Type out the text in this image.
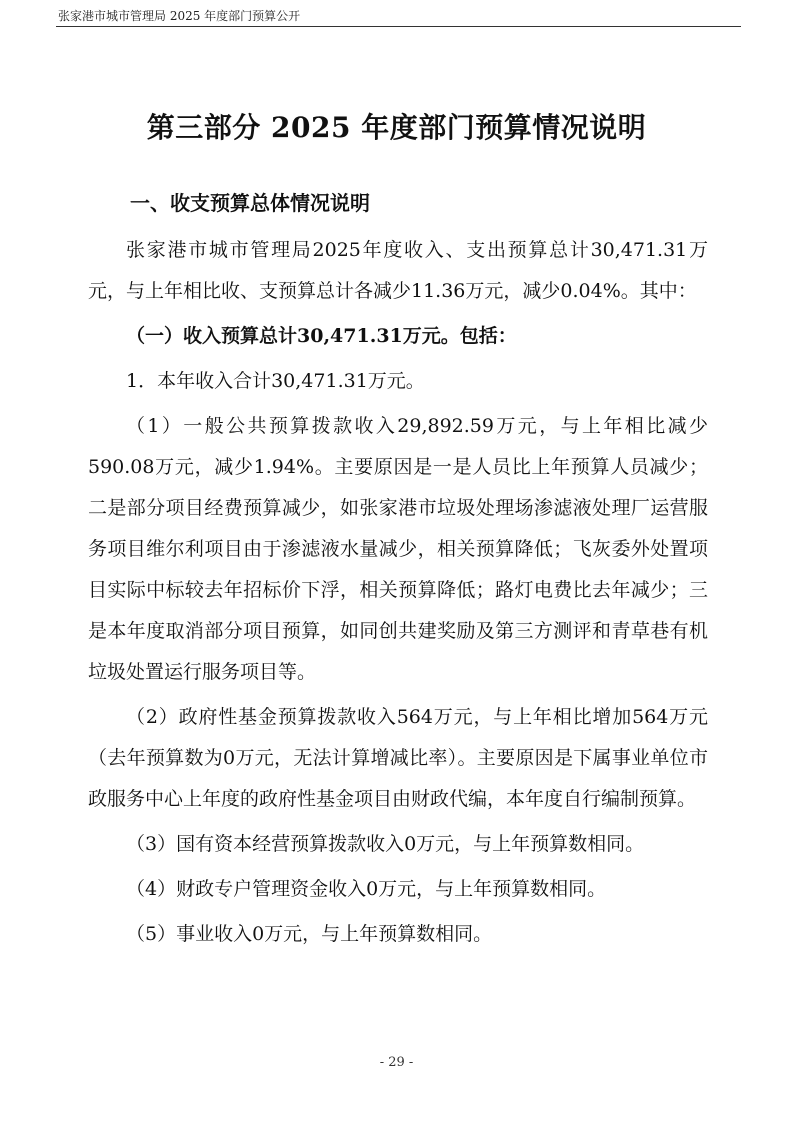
张家港市城市管理局 2025 年度部门预算公开
第三部分 2025 年度部门预算情况说明
一、收支预算总体情况说明

张家港市城市管理局2025年度收入、支出预算总计30,471.31万元，与上年相比收、支预算总计各减少11.36万元，减少0.04%。其中：

（一）收入预算总计30,471.31万元。包括：

1．本年收入合计30,471.31万元。

（1）一般公共预算拨款收入29,892.59万元，与上年相比减少590.08万元，减少1.94%。主要原因是一是人员比上年预算人员减少；二是部分项目经费预算减少，如张家港市垃圾处理场渗滤液处理厂运营服务项目维尔利项目由于渗滤液水量减少，相关预算降低；飞灰委外处置项目实际中标较去年招标价下浮，相关预算降低；路灯电费比去年减少；三是本年度取消部分项目预算，如同创共建奖励及第三方测评和青草巷有机垃圾处置运行服务项目等。

（2）政府性基金预算拨款收入564万元，与上年相比增加564万元（去年预算数为0万元，无法计算增减比率）。主要原因是下属事业单位市政服务中心上年度的政府性基金项目由财政代编，本年度自行编制预算。

（3）国有资本经营预算拨款收入0万元，与上年预算数相同。

（4）财政专户管理资金收入0万元，与上年预算数相同。

（5）事业收入0万元，与上年预算数相同。

- 29 -
